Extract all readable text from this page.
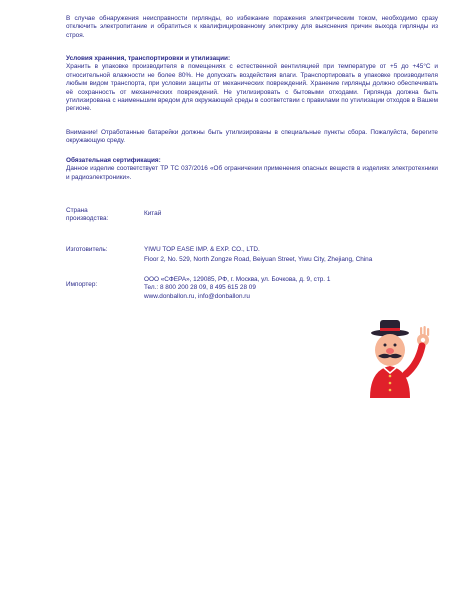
В случае обнаружения неисправности гирлянды, во избежание поражения электрическим током, необходимо сразу отключить электропитание и обратиться к квалифицированному электрику для выяснения причин выхода гирлянды из строя.
Условия хранения, транспортировки и утилизации:
Хранить в упаковке производителя в помещениях с естественной вентиляцией при температуре от +5 до +45°С и относительной влажности не более 80%. Не допускать воздействия влаги. Транспортировать в упаковке производителя любым видом транспорта, при условии защиты от механических повреждений. Хранение гирлянды должно обеспечивать её сохранность от механических повреждений. Не утилизировать с бытовыми отходами. Гирлянда должна быть утилизирована с наименьшим вредом для окружающей среды в соответствии с правилами по утилизации отходов в Вашем регионе.
Внимание! Отработанные батарейки должны быть утилизированы в специальные пункты сбора. Пожалуйста, берегите окружающую среду.
Обязательная сертификация:
Данное изделие соответствует ТР ТС 037/2016 «Об ограничении применения опасных веществ в изделиях электротехники и радиоэлектроники».
Страна
производства:
Китай
Изготовитель:	YIWU TOP EASE IMP. & EXP. CO., LTD.
Floor 2, No. 529, North Zongze Road, Beiyuan Street, Yiwu City, Zhejiang, China
Импортер:
ООО «СФЕРА», 129085, РФ, г. Москва, ул. Бочкова, д. 9, стр. 1
Тел.: 8 800 200 28 09, 8 495 615 28 09
www.donballon.ru, info@donballon.ru
